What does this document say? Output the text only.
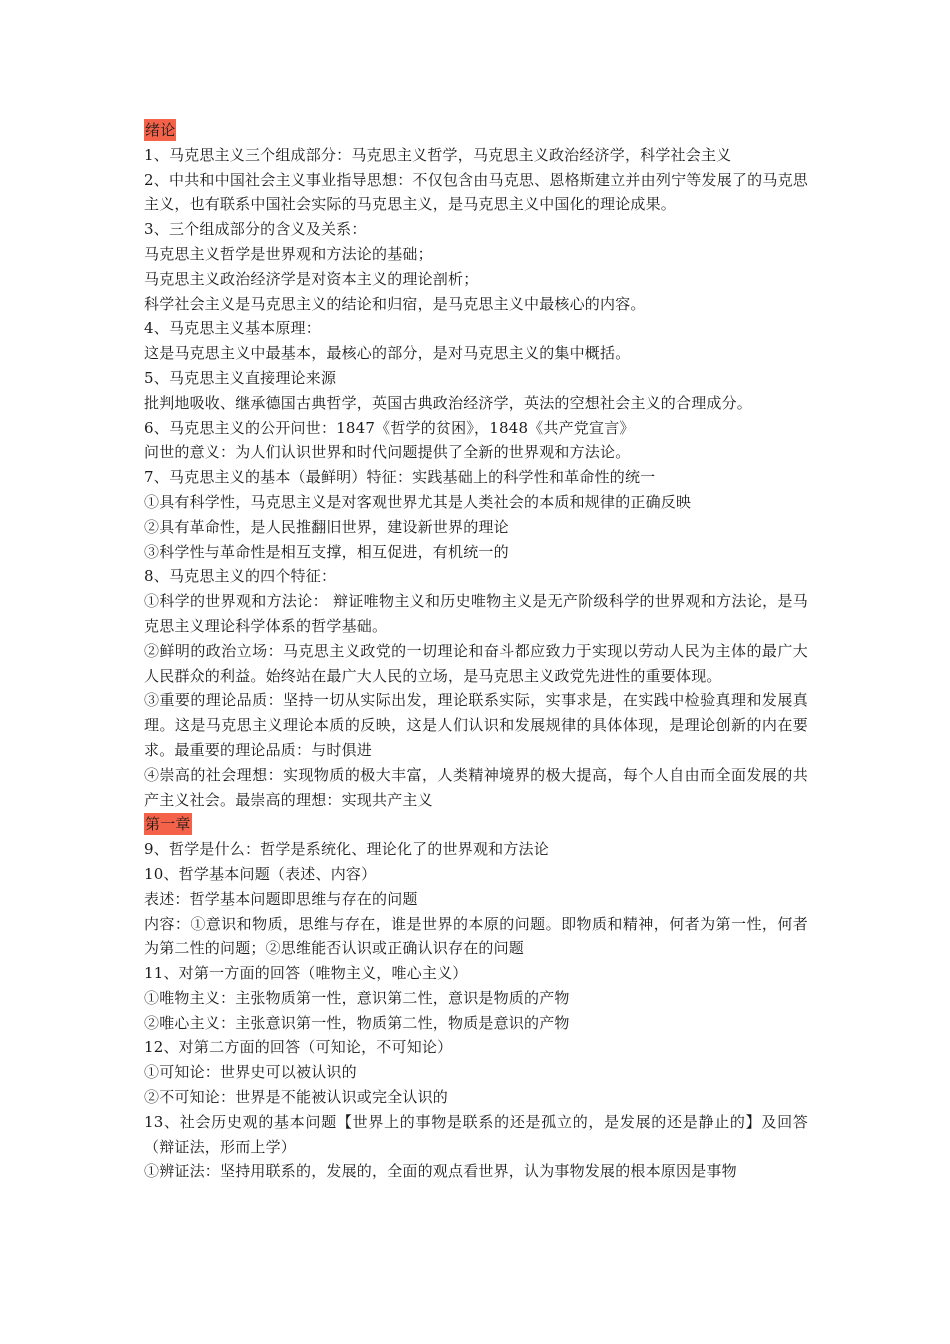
绪论

1、马克思主义三个组成部分：马克思主义哲学，马克思主义政治经济学，科学社会主义

2、中共和中国社会主义事业指导思想：不仅包含由马克思、恩格斯建立并由列宁等发展了的马克思主义，也有联系中国社会实际的马克思主义，是马克思主义中国化的理论成果。

3、三个组成部分的含义及关系：

马克思主义哲学是世界观和方法论的基础；

马克思主义政治经济学是对资本主义的理论剖析；

科学社会主义是马克思主义的结论和归宿，是马克思主义中最核心的内容。

4、马克思主义基本原理：

这是马克思主义中最基本，最核心的部分，是对马克思主义的集中概括。

5、马克思主义直接理论来源

批判地吸收、继承德国古典哲学，英国古典政治经济学，英法的空想社会主义的合理成分。

6、马克思主义的公开问世：1847《哲学的贫困》，1848《共产党宣言》

问世的意义：为人们认识世界和时代问题提供了全新的世界观和方法论。

7、马克思主义的基本（最鲜明）特征：实践基础上的科学性和革命性的统一

①具有科学性，马克思主义是对客观世界尤其是人类社会的本质和规律的正确反映

②具有革命性，是人民推翻旧世界，建设新世界的理论

③科学性与革命性是相互支撑，相互促进，有机统一的

8、马克思主义的四个特征：

①科学的世界观和方法论： 辩证唯物主义和历史唯物主义是无产阶级科学的世界观和方法论，是马克思主义理论科学体系的哲学基础。

②鲜明的政治立场：马克思主义政党的一切理论和奋斗都应致力于实现以劳动人民为主体的最广大人民群众的利益。始终站在最广大人民的立场，是马克思主义政党先进性的重要体现。

③重要的理论品质：坚持一切从实际出发，理论联系实际，实事求是，在实践中检验真理和发展真理。这是马克思主义理论本质的反映，这是人们认识和发展规律的具体体现，是理论创新的内在要求。最重要的理论品质：与时俱进

④崇高的社会理想：实现物质的极大丰富，人类精神境界的极大提高，每个人自由而全面发展的共产主义社会。最崇高的理想：实现共产主义

第一章

9、哲学是什么：哲学是系统化、理论化了的世界观和方法论

10、哲学基本问题（表述、内容）

表述：哲学基本问题即思维与存在的问题

内容：①意识和物质，思维与存在，谁是世界的本原的问题。即物质和精神，何者为第一性，何者为第二性的问题；②思维能否认识或正确认识存在的问题

11、对第一方面的回答（唯物主义，唯心主义）

①唯物主义：主张物质第一性，意识第二性，意识是物质的产物

②唯心主义：主张意识第一性，物质第二性，物质是意识的产物

12、对第二方面的回答（可知论，不可知论）

①可知论：世界史可以被认识的

②不可知论：世界是不能被认识或完全认识的

13、社会历史观的基本问题【世界上的事物是联系的还是孤立的，是发展的还是静止的】及回答（辩证法，形而上学）

①辨证法：坚持用联系的，发展的，全面的观点看世界，认为事物发展的根本原因是事物
